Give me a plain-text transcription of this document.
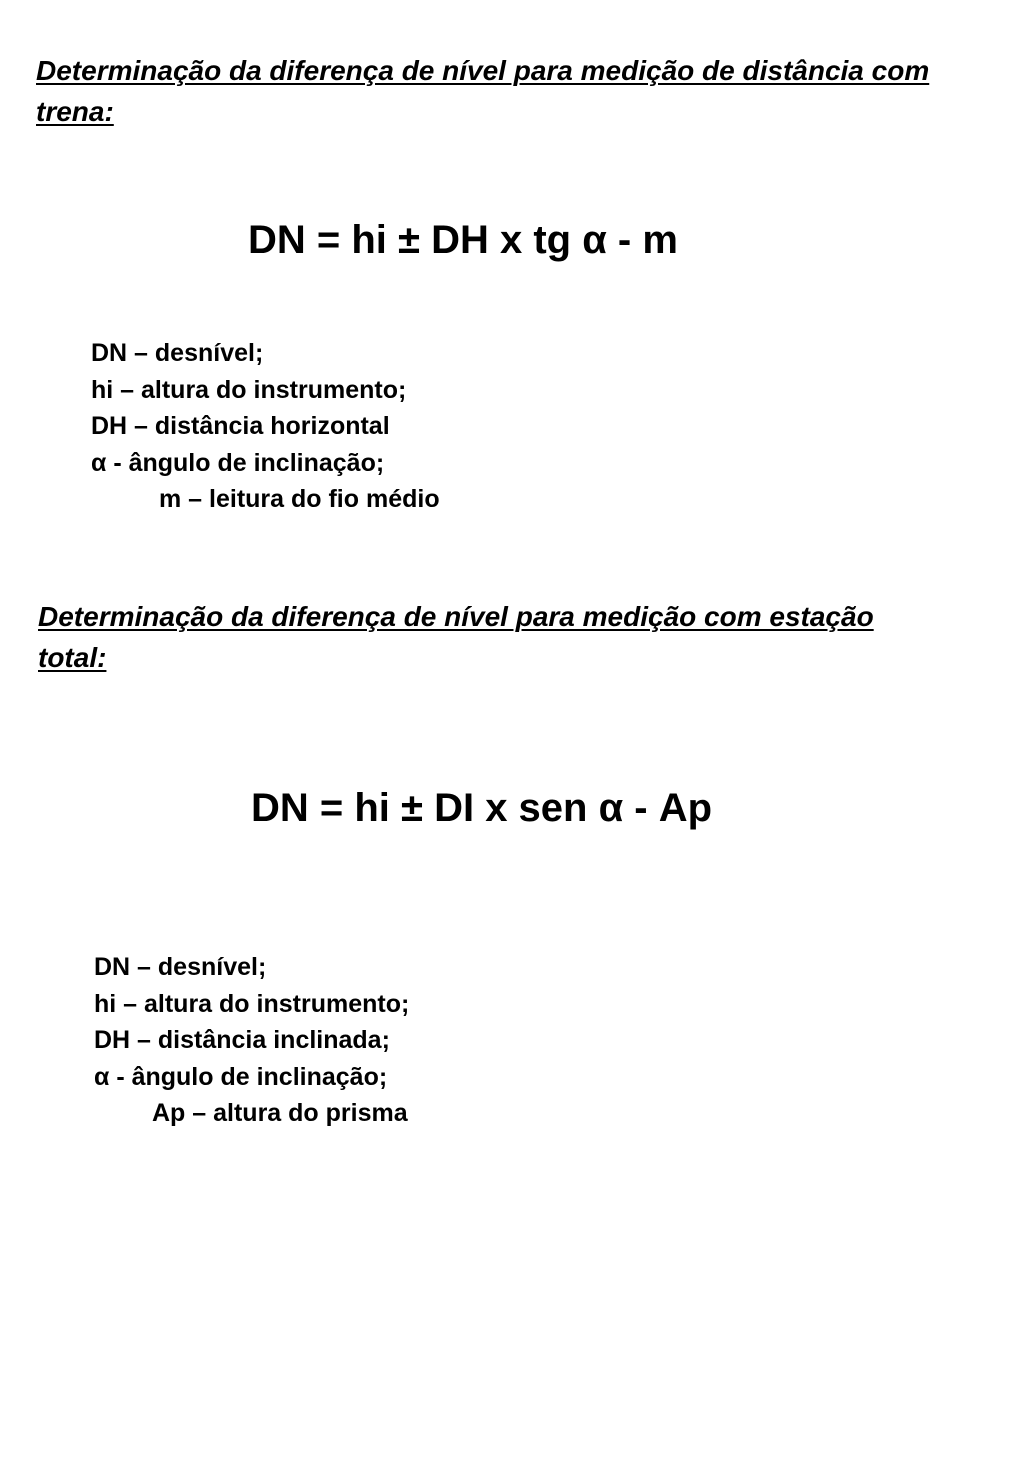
Determinação da diferença de nível para medição de distância com trena:
DN = hi ± DH x tg α - m
DN – desnível;
hi – altura do instrumento;
DH – distância horizontal
α - ângulo de inclinação;
m – leitura do fio médio
Determinação da diferença de nível para medição com estação total:
DN = hi ± DI x sen α - Ap
DN – desnível;
hi – altura do instrumento;
DH – distância inclinada;
α - ângulo de inclinação;
Ap – altura do prisma
